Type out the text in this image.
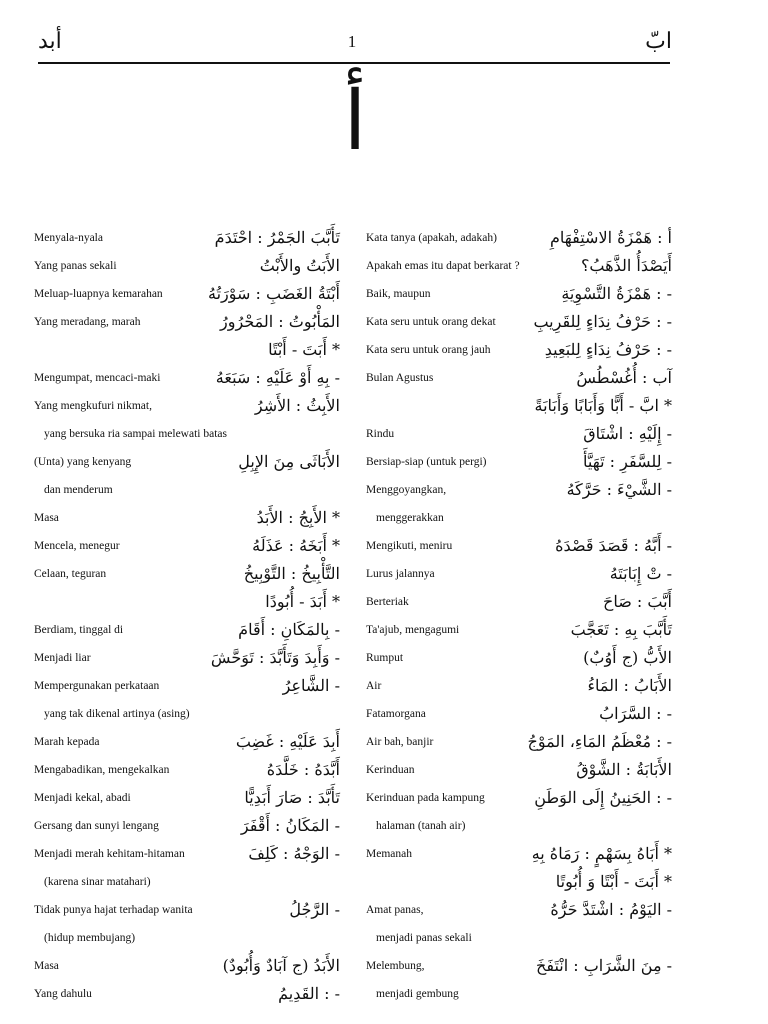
أبد	1	ابّ
أ
Menyala-nyala	تَأَبَّبَ الجَمْرُ : احْتَدَمَ
Yang panas sekali	الأَبَتُ والأَبْتُ
Meluap-luapnya kemarahan	أَبْتَةُ الغَضَبِ : سَوْرَتُهُ
Yang meradang, marah	المَأْبُوتُ : المَحْرُورُ
* أَبَتَ - أَبْتًا
Mengumpat, mencaci-maki	- بِهِ أَوْ عَلَيْهِ : سَبَعَهُ
Yang mengkufuri nikmat,	الأَبِثُ : الأَشِرُ
yang bersuka ria sampai melewati batas
(Unta) yang kenyang	الأَبَاثَى مِنَ الإِبِلِ
dan menderum
Masa	* الأَبِجُ : الأَبَدُ
Mencela, menegur	* أَبَخَهُ : عَذَلَهُ
Celaan, teguran	التَّأْبِيخُ : التَّوْبِيخُ
* أَبَدَ - أُبُودًا
Berdiam, tinggal di	- بِالمَكَانِ : أَقَامَ
Menjadi liar	- وَأَبِدَ وَتَأَبَّدَ : تَوَحَّشَ
Mempergunakan perkataan	- الشَّاعِرُ
yang tak dikenal artinya (asing)
Marah kepada	أَبِدَ عَلَيْهِ : غَضِبَ
Mengabadikan, mengekalkan	أَبَّدَهُ : خَلَّدَهُ
Menjadi kekal, abadi	تَأَبَّدَ : صَارَ أَبَدِيًّا
Gersang dan sunyi lengang	- المَكَانُ : أَقْفَرَ
Menjadi merah kehitam-hitaman	- الوَجْهُ : كَلِفَ
(karena sinar matahari)
Tidak punya hajat terhadap wanita	- الرَّجُلُ
(hidup membujang)
Masa	الأَبَدُ (ج آبَادٌ وَأُبُودٌ)
Yang dahulu	- : القَدِيمُ
Kata tanya (apakah, adakah)	أ : هَمْزَةُ الاسْتِفْهَامِ
Apakah emas itu dapat berkarat ?	أَيَصْدَأُ الذَّهَبُ؟
Baik, maupun	- : هَمْزَةُ التَّسْوِيَةِ
Kata seru untuk orang dekat - : حَرْفُ نِدَاءٍ لِلقَرِيبِ
Kata seru untuk orang jauh	- : حَرْفُ نِدَاءٍ لِلبَعِيدِ
Bulan Agustus	آب : أُغُسْطُسُ
* ابَّ - أَبًّا وَأَبَابًا وَأَبَابَةً
Rindu	- إِلَيْهِ : اشْتَاقَ
Bersiap-siap (untuk pergi)	- لِلسَّفَرِ : تَهَيَّأَ
Menggoyangkan,	- الشَّيْءَ : حَرَّكَهُ
menggerakkan
Mengikuti, meniru	- أَبَّهُ : قَصَدَ قَصْدَهُ
Lurus jalannya	- تْ إِبَابَتَهُ
Berteriak	أَبَّبَ : صَاحَ
Ta'ajub, mengagumi	تَأَبَّبَ بِهِ : تَعَجَّبَ
Rumput	الأَبُّ (ج أَوُبٌ)
Air	الأَبَابُ : المَاءُ
Fatamorgana	- : السَّرَابُ
Air bah, banjir	- : مُعْظَمُ المَاءِ، المَوْجُ
Kerinduan	الأَبَابَةُ : الشَّوْقُ
Kerinduan pada kampung	- : الحَنِينُ إِلَى الوَطَنِ
halaman (tanah air)
Memanah	* أَبَاهُ بِسَهْمٍ : رَمَاهُ بِهِ
* أَبَتَ - أَبْتًا وَ أُبُوتًا
Amat panas,	- اليَوْمُ : اشْتَدَّ حَرُّهُ
menjadi panas sekali
Melembung,	- مِنَ الشَّرَابِ : انْتَفَخَ
menjadi gembung
